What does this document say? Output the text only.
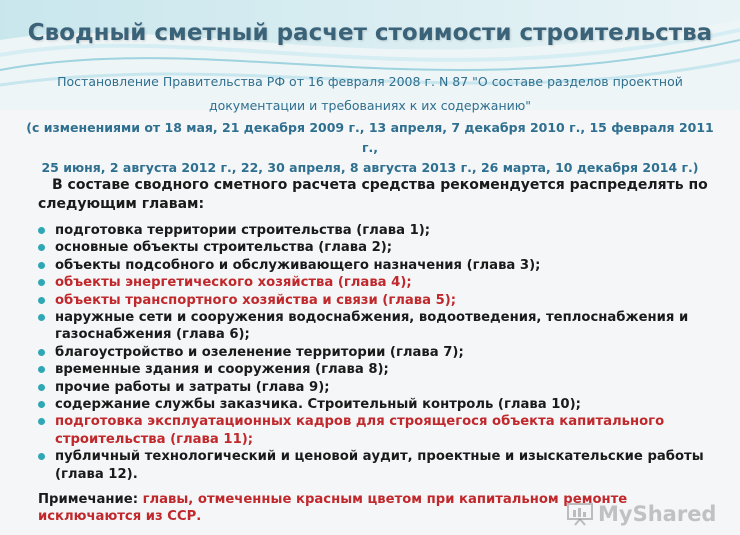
Сводный сметный расчет стоимости строительства
Постановление Правительства РФ от 16 февраля 2008 г. N 87 "О составе разделов проектной
документации и требованиях к их содержанию"
(с изменениями от 18 мая, 21 декабря 2009 г., 13 апреля, 7 декабря 2010 г., 15 февраля 2011 г.,
25 июня, 2 августа 2012 г., 22, 30 апреля, 8 августа 2013 г., 26 марта, 10 декабря 2014 г.)
В составе сводного сметного расчета средства рекомендуется распределять по следующим главам:
подготовка территории строительства (глава 1);
основные объекты строительства (глава 2);
объекты подсобного и обслуживающего назначения (глава 3);
объекты энергетического хозяйства (глава 4);
объекты транспортного хозяйства и связи (глава 5);
наружные сети и сооружения водоснабжения, водоотведения, теплоснабжения и газоснабжения (глава 6);
благоустройство и озеленение территории (глава 7);
временные здания и сооружения (глава 8);
прочие работы и затраты (глава 9);
содержание службы заказчика. Строительный контроль (глава 10);
подготовка эксплуатационных кадров для строящегося объекта капитального строительства (глава 11);
публичный технологический и ценовой аудит, проектные и изыскательские работы (глава 12).
Примечание: главы, отмеченные красным цветом при капитальном ремонте исключаются из ССР.	MyShared
